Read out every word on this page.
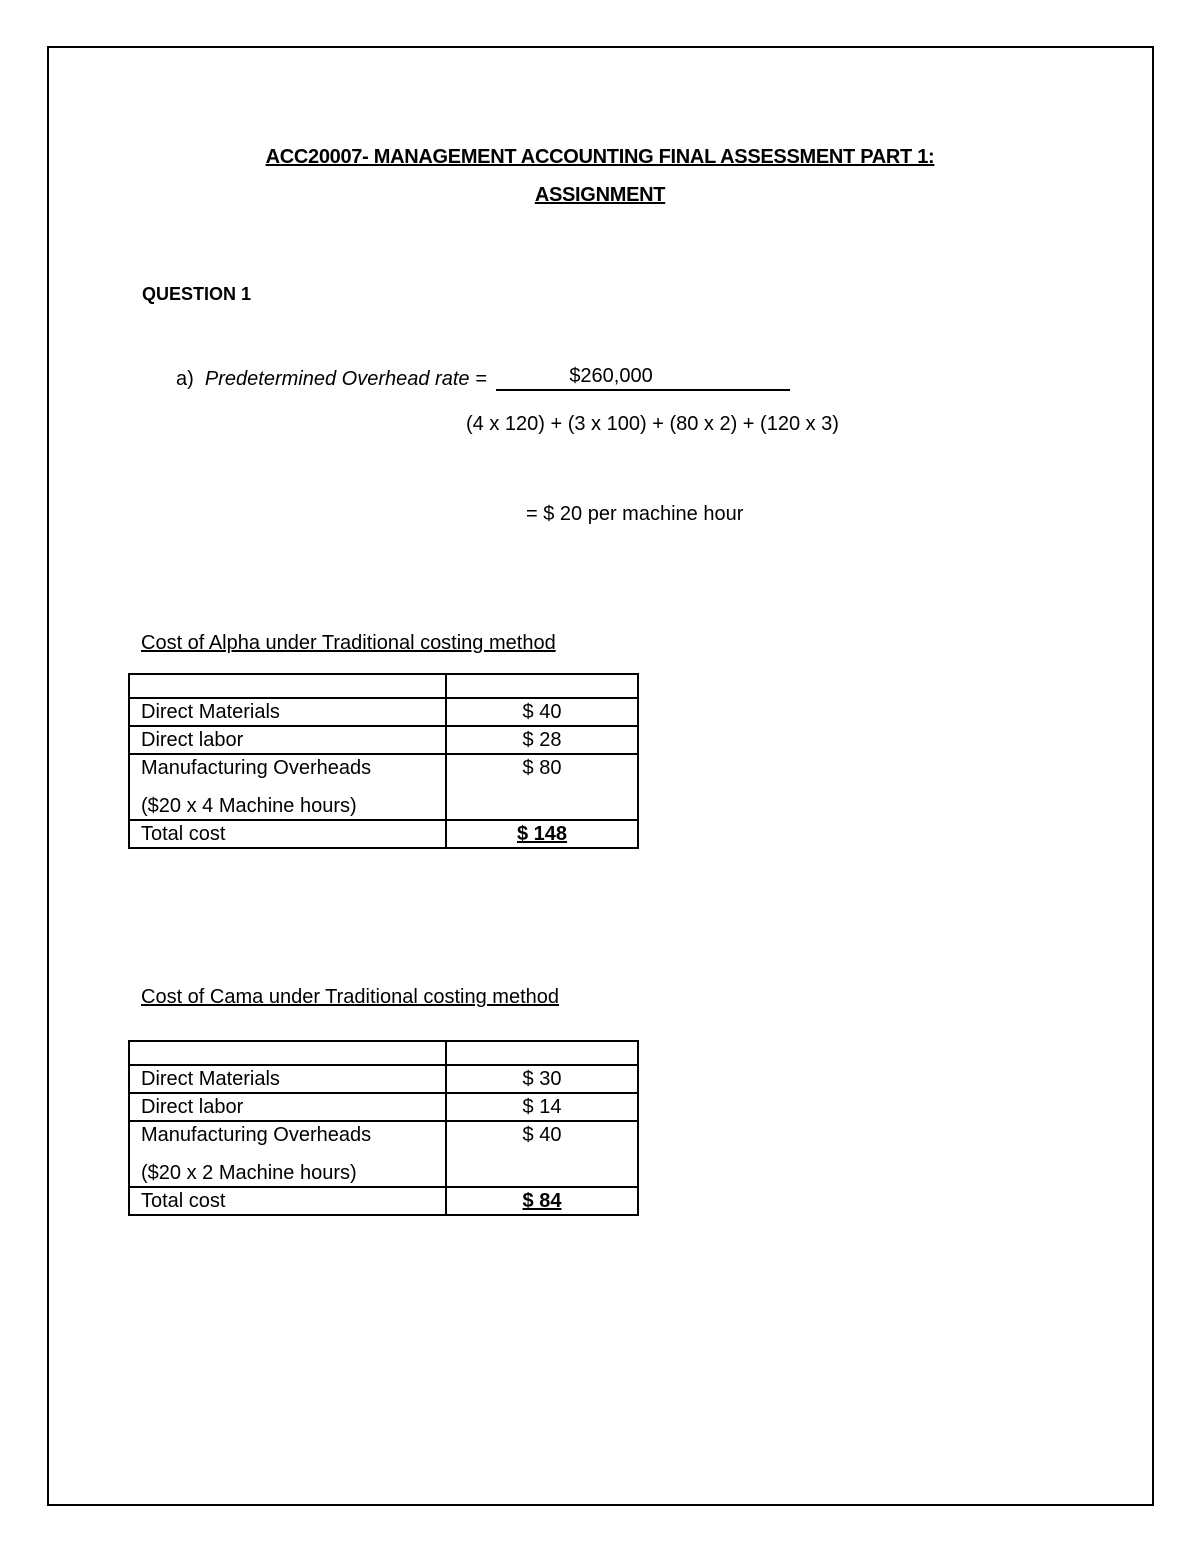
ACC20007- MANAGEMENT ACCOUNTING FINAL ASSESSMENT PART 1:
ASSIGNMENT
QUESTION 1
a) Predetermined Overhead rate =	$260,000
(4 x 120) + (3 x 100) + (80 x 2) + (120 x 3)
= $ 20 per machine hour
Cost of Alpha under Traditional costing method

Direct Materials	$ 40
Direct labor	$ 28

Manufacturing Overheads
($20 x 4 Machine hours)	$ 80
Total cost	$ 148
Cost of Cama under Traditional costing method

Direct Materials	$ 30
Direct labor	$ 14

Manufacturing Overheads
($20 x 2 Machine hours)	$ 40
Total cost	$ 84
